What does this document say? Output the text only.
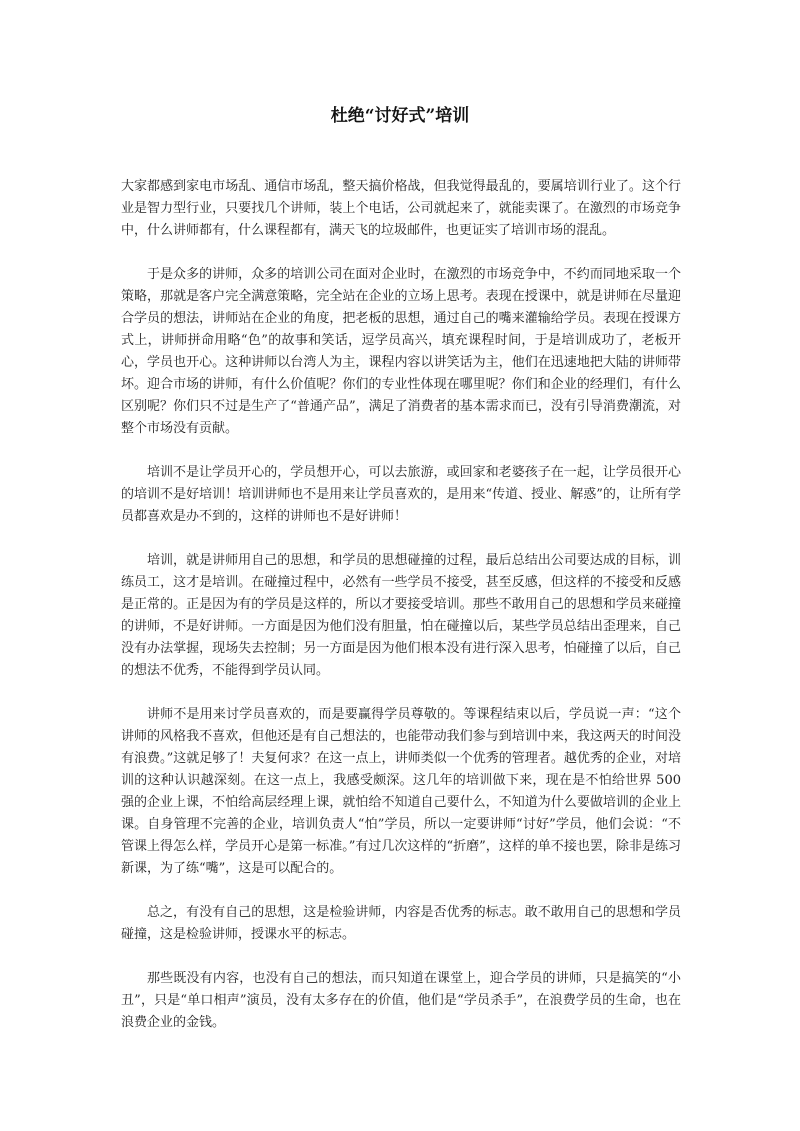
杜绝“讨好式”培训

大家都感到家电市场乱、通信市场乱，整天搞价格战，但我觉得最乱的，要属培训行业了。这个行业是智力型行业，只要找几个讲师，装上个电话，公司就起来了，就能卖课了。在激烈的市场竞争中，什么讲师都有，什么课程都有，满天飞的垃圾邮件，也更证实了培训市场的混乱。

于是众多的讲师，众多的培训公司在面对企业时，在激烈的市场竞争中，不约而同地采取一个策略，那就是客户完全满意策略，完全站在企业的立场上思考。表现在授课中，就是讲师在尽量迎合学员的想法，讲师站在企业的角度，把老板的思想，通过自己的嘴来灌输给学员。表现在授课方式上，讲师拼命用略“色”的故事和笑话，逗学员高兴，填充课程时间，于是培训成功了，老板开心，学员也开心。这种讲师以台湾人为主，课程内容以讲笑话为主，他们在迅速地把大陆的讲师带坏。迎合市场的讲师，有什么价值呢？你们的专业性体现在哪里呢？你们和企业的经理们，有什么区别呢？你们只不过是生产了“普通产品”，满足了消费者的基本需求而已，没有引导消费潮流，对整个市场没有贡献。

培训不是让学员开心的，学员想开心，可以去旅游，或回家和老婆孩子在一起，让学员很开心的培训不是好培训！培训讲师也不是用来让学员喜欢的，是用来“传道、授业、解惑”的，让所有学员都喜欢是办不到的，这样的讲师也不是好讲师！

培训，就是讲师用自己的思想，和学员的思想碰撞的过程，最后总结出公司要达成的目标，训练员工，这才是培训。在碰撞过程中，必然有一些学员不接受，甚至反感，但这样的不接受和反感是正常的。正是因为有的学员是这样的，所以才要接受培训。那些不敢用自己的思想和学员来碰撞的讲师，不是好讲师。一方面是因为他们没有胆量，怕在碰撞以后，某些学员总结出歪理来，自己没有办法掌握，现场失去控制；另一方面是因为他们根本没有进行深入思考，怕碰撞了以后，自己的想法不优秀，不能得到学员认同。

讲师不是用来讨学员喜欢的，而是要赢得学员尊敬的。等课程结束以后，学员说一声：“这个讲师的风格我不喜欢，但他还是有自己想法的，也能带动我们参与到培训中来，我这两天的时间没有浪费。”这就足够了！夫复何求？在这一点上，讲师类似一个优秀的管理者。越优秀的企业，对培训的这种认识越深刻。在这一点上，我感受颇深。这几年的培训做下来，现在是不怕给世界 500 强的企业上课，不怕给高层经理上课，就怕给不知道自己要什么，不知道为什么要做培训的企业上课。自身管理不完善的企业，培训负责人“怕”学员，所以一定要讲师“讨好”学员，他们会说：“不管课上得怎么样，学员开心是第一标准。”有过几次这样的“折磨”，这样的单不接也罢，除非是练习新课，为了练“嘴”，这是可以配合的。

总之，有没有自己的思想，这是检验讲师，内容是否优秀的标志。敢不敢用自己的思想和学员碰撞，这是检验讲师，授课水平的标志。

那些既没有内容，也没有自己的想法，而只知道在课堂上，迎合学员的讲师，只是搞笑的“小丑”，只是“单口相声”演员，没有太多存在的价值，他们是“学员杀手”，在浪费学员的生命，也在浪费企业的金钱。
